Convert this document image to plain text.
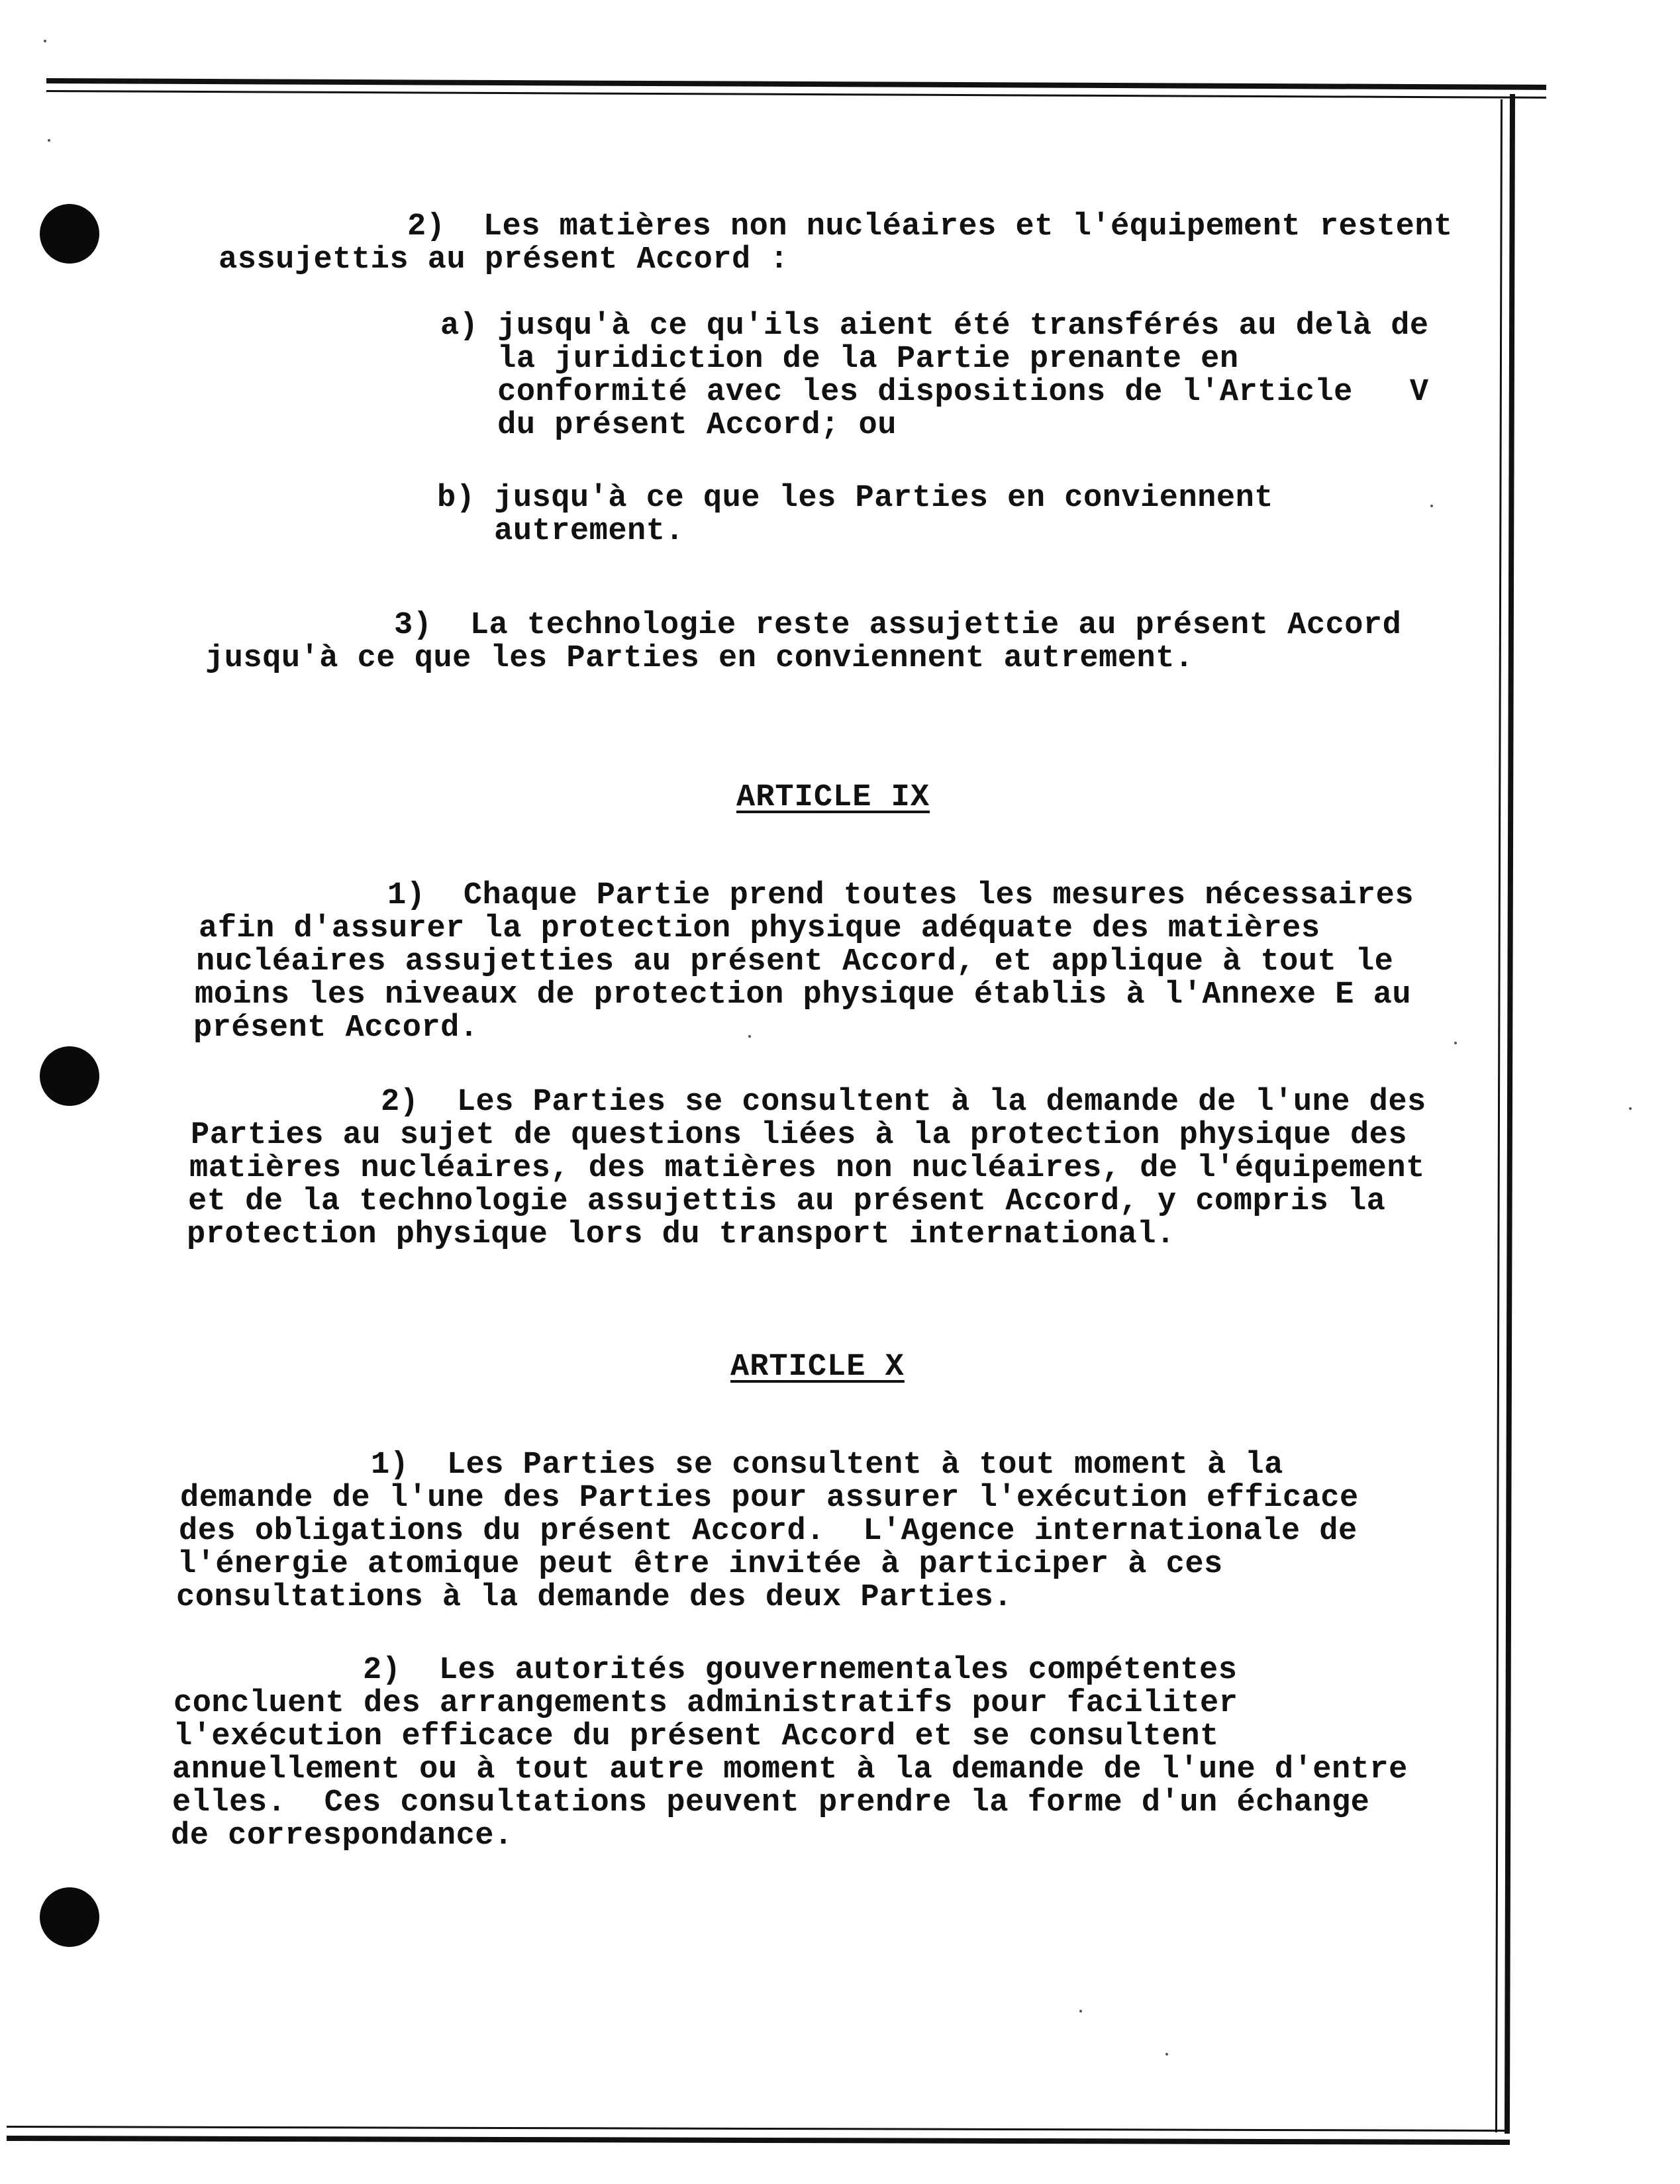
2)  Les matières non nucléaires et l'équipement restent
assujettis au présent Accord :
a) jusqu'à ce qu'ils aient été transférés au delà de
la juridiction de la Partie prenante en
conformité avec les dispositions de l'Article   V
du présent Accord; ou
b) jusqu'à ce que les Parties en conviennent
autrement.
3)  La technologie reste assujettie au présent Accord
jusqu'à ce que les Parties en conviennent autrement.
ARTICLE IX
1)  Chaque Partie prend toutes les mesures nécessaires
afin d'assurer la protection physique adéquate des matières
nucléaires assujetties au présent Accord, et applique à tout le
moins les niveaux de protection physique établis à l'Annexe E au
présent Accord.
2)  Les Parties se consultent à la demande de l'une des
Parties au sujet de questions liées à la protection physique des
matières nucléaires, des matières non nucléaires, de l'équipement
et de la technologie assujettis au présent Accord, y compris la
protection physique lors du transport international.
ARTICLE X
1)  Les Parties se consultent à tout moment à la
demande de l'une des Parties pour assurer l'exécution efficace
des obligations du présent Accord.  L'Agence internationale de
l'énergie atomique peut être invitée à participer à ces
consultations à la demande des deux Parties.
2)  Les autorités gouvernementales compétentes
concluent des arrangements administratifs pour faciliter
l'exécution efficace du présent Accord et se consultent
annuellement ou à tout autre moment à la demande de l'une d'entre
elles.  Ces consultations peuvent prendre la forme d'un échange
de correspondance.
